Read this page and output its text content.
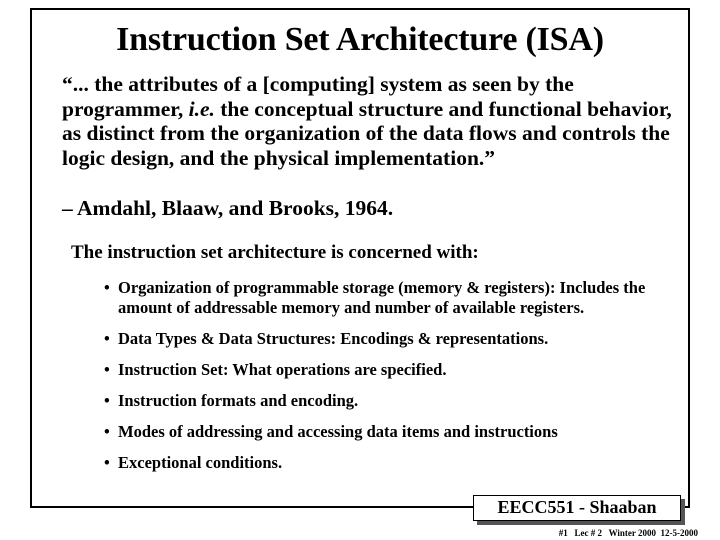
Instruction Set Architecture (ISA)
“... the attributes of a [computing] system as seen by the programmer, i.e. the conceptual structure and functional behavior, as distinct from the organization of the data flows and controls the logic design, and the physical implementation.”
– Amdahl, Blaaw, and Brooks, 1964.
The instruction set architecture is concerned with:
• Organization of programmable storage (memory & registers): Includes the amount of addressable memory and number of available registers.
• Data Types & Data Structures: Encodings & representations.
• Instruction Set: What operations are specified.
• Instruction formats and encoding.
• Modes of addressing and accessing data items and instructions
• Exceptional conditions.
EECC551 - Shaaban
#1   Lec # 2   Winter 2000  12-5-2000
